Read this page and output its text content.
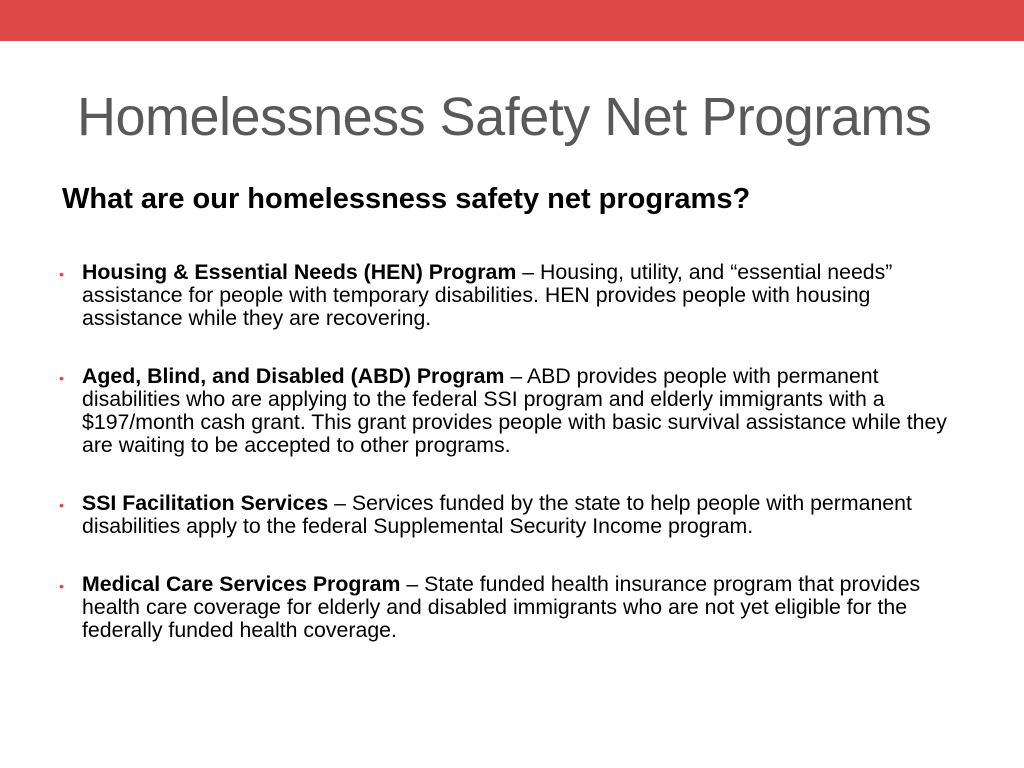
Homelessness Safety Net Programs
What are our homelessness safety net programs?
• Housing & Essential Needs (HEN) Program – Housing, utility, and “essential needs” assistance for people with temporary disabilities. HEN provides people with housing assistance while they are recovering.
• Aged, Blind, and Disabled (ABD) Program – ABD provides people with permanent disabilities who are applying to the federal SSI program and elderly immigrants with a $197/month cash grant. This grant provides people with basic survival assistance while they are waiting to be accepted to other programs.
• SSI Facilitation Services – Services funded by the state to help people with permanent disabilities apply to the federal Supplemental Security Income program.
• Medical Care Services Program – State funded health insurance program that provides health care coverage for elderly and disabled immigrants who are not yet eligible for the federally funded health coverage.
